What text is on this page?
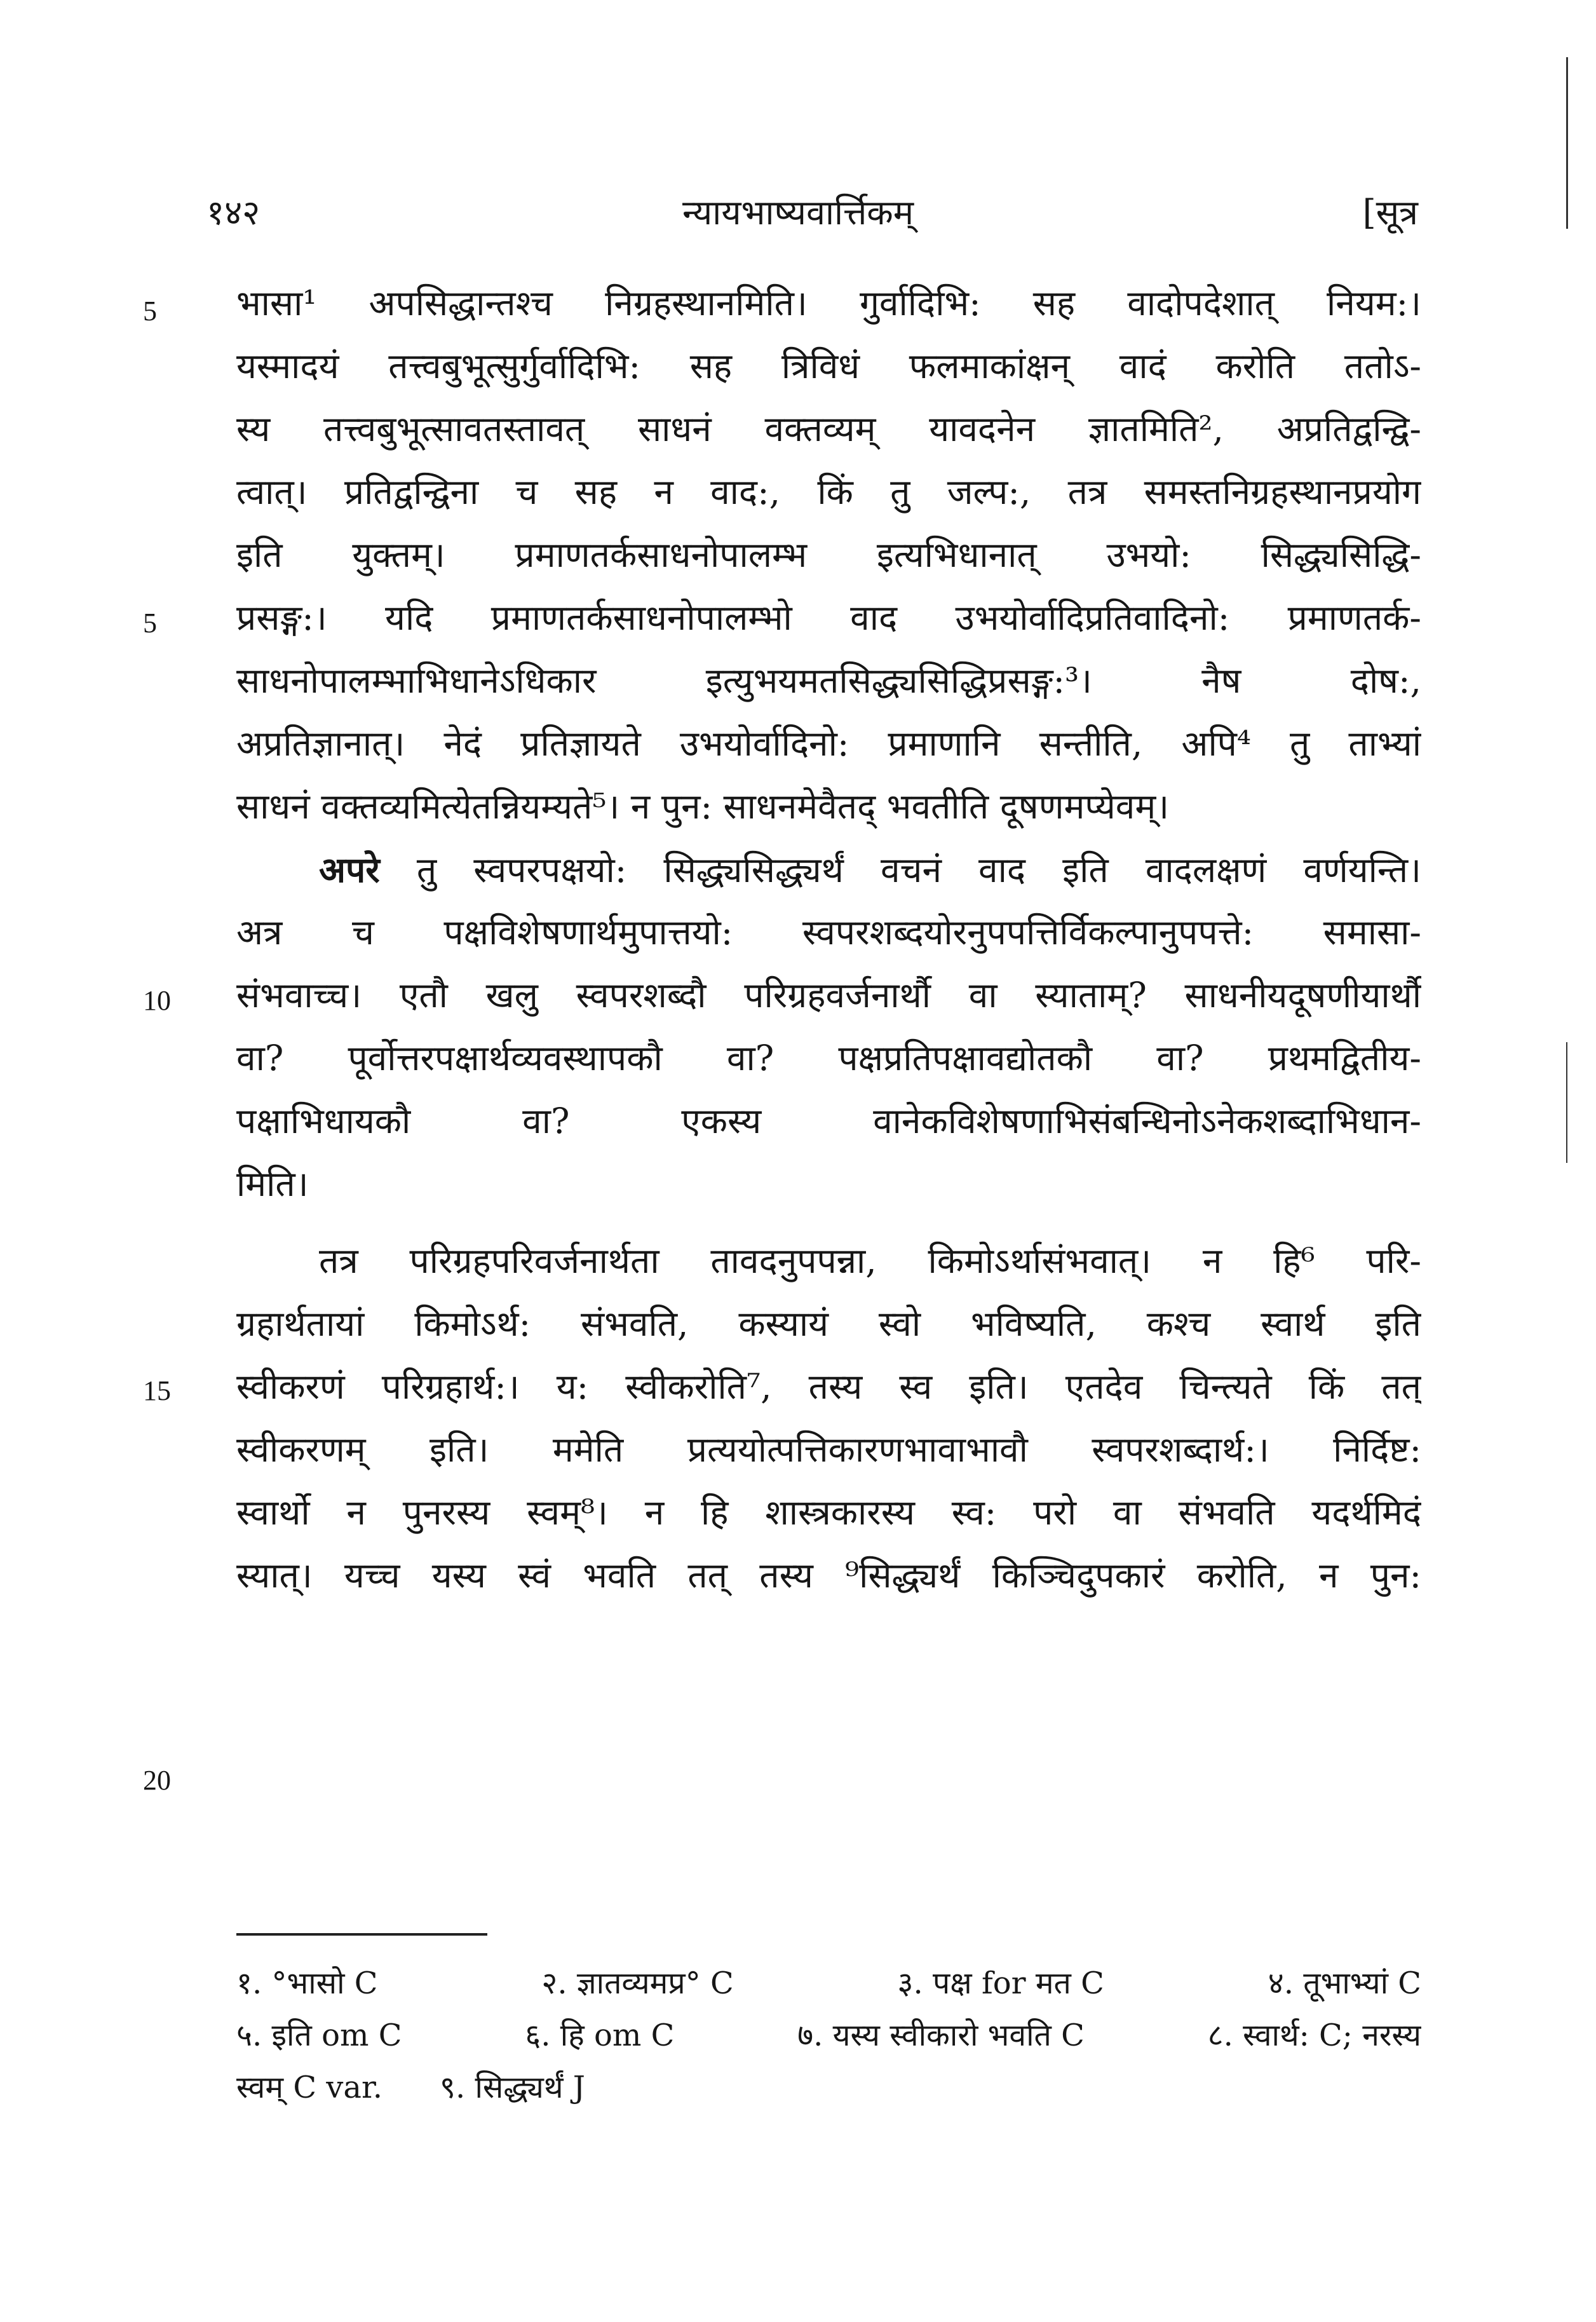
१४२	न्यायभाष्यवार्त्तिकम्	[सूत्र
5	भासा¹ अपसिद्धान्तश्च निग्रहस्थानमिति। गुर्वादिभि: सह वादोपदेशात् नियम:।
यस्मादयं तत्त्वबुभूत्सुर्गुर्वादिभि: सह त्रिविधं फलमाकांक्षन् वादं करोति ततोऽ-
स्य तत्त्वबुभूत्सावतस्तावत् साधनं वक्तव्यम् यावदनेन ज्ञातमिति², अप्रतिद्वन्द्वि-
त्वात्। प्रतिद्वन्द्विना च सह न वाद:, किं तु जल्प:, तत्र समस्तनिग्रहस्थानप्रयोग
इति युक्तम्। प्रमाणतर्कसाधनोपालम्भ इत्यभिधानात् उभयो: सिद्ध्यसिद्धि-
प्रसङ्ग:। यदि प्रमाणतर्कसाधनोपालम्भो वाद उभयोर्वादिप्रतिवादिनो: प्रमाणतर्क-
साधनोपालम्भाभिधानेऽधिकार इत्युभयमतसिद्ध्यसिद्धिप्रसङ्ग:³। नैष दोष:,
अप्रतिज्ञानात्। नेदं प्रतिज्ञायते उभयोर्वादिनो: प्रमाणानि सन्तीति, अपि⁴ तु ताभ्यां
साधनं वक्तव्यमित्येतन्नियम्यते⁵। न पुन: साधनमेवैतद् भवतीति दूषणमप्येवम्।
अपरे तु स्वपरपक्षयो: सिद्ध्यसिद्ध्यर्थं वचनं वाद इति वादलक्षणं वर्णयन्ति।
अत्र च पक्षविशेषणार्थमुपात्तयो: स्वपरशब्दयोरनुपपत्तिर्विकल्पानुपपत्ते: समासा-
संभवाच्च। एतौ खलु स्वपरशब्दौ परिग्रहवर्जनार्थौ वा स्याताम्? साधनीयदूषणीयार्थौ
वा? पूर्वोत्तरपक्षार्थव्यवस्थापकौ वा? पक्षप्रतिपक्षावद्योतकौ वा? प्रथमद्वितीय-
पक्षाभिधायकौ वा? एकस्य वानेकविशेषणाभिसंबन्धिनोऽनेकशब्दाभिधान-
मिति।
तत्र परिग्रहपरिवर्जनार्थता तावदनुपपन्ना, किमोऽर्थासंभवात्। न हि⁶ परि-
ग्रहार्थतायां किमोऽर्थ: संभवति, कस्यायं स्वो भविष्यति, कश्च स्वार्थ इति
स्वीकरणं परिग्रहार्थ:। य: स्वीकरोति⁷, तस्य स्व इति। एतदेव चिन्त्यते किं तत्
स्वीकरणम् इति। ममेति प्रत्ययोत्पत्तिकारणभावाभावौ स्वपरशब्दार्थ:। निर्दिष्ट:
स्वार्थो न पुनरस्य स्वम्⁸। न हि शास्त्रकारस्य स्व: परो वा संभवति यदर्थमिदं
स्यात्। यच्च यस्य स्वं भवति तत् तस्य ⁹सिद्ध्यर्थं किञ्चिदुपकारं करोति, न पुन:
5
10
15
20
१. °भासो C	२. ज्ञातव्यमप्र° C	३. पक्ष for मत C	४. तूभाभ्यां C
५. इति om C	६. हि om C	७. यस्य स्वीकारो भवति C	८. स्वार्थ: C; नरस्य
स्वम् C var. ९. सिद्ध्यर्थं J
